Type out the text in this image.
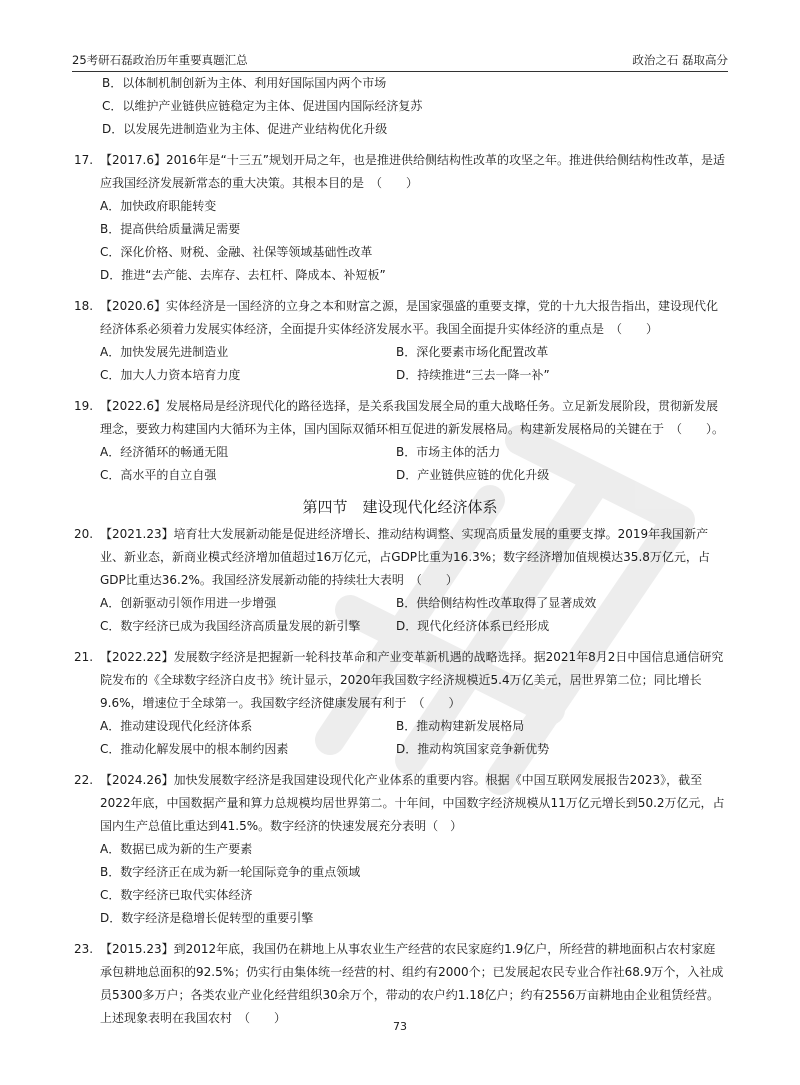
25考研石磊政治历年重要真题汇总	政治之石 磊取高分
B．以体制机制创新为主体、利用好国际国内两个市场
C．以维护产业链供应链稳定为主体、促进国内国际经济复苏
D．以发展先进制造业为主体、促进产业结构优化升级
17. 【2017.6】2016年是“十三五”规划开局之年，也是推进供给侧结构性改革的攻坚之年。推进供给侧结构性改革，是适应我国经济发展新常态的重大决策。其根本目的是　（　　）
A．加快政府职能转变
B．提高供给质量满足需要
C．深化价格、财税、金融、社保等领域基础性改革
D．推进“去产能、去库存、去杠杆、降成本、补短板”
18. 【2020.6】实体经济是一国经济的立身之本和财富之源，是国家强盛的重要支撑，党的十九大报告指出，建设现代化经济体系必须着力发展实体经济，全面提升实体经济发展水平。我国全面提升实体经济的重点是　（　　）
A．加快发展先进制造业	B．深化要素市场化配置改革
C．加大人力资本培育力度	D．持续推进“三去一降一补”
19. 【2022.6】发展格局是经济现代化的路径选择，是关系我国发展全局的重大战略任务。立足新发展阶段，贯彻新发展理念，要致力构建国内大循环为主体，国内国际双循环相互促进的新发展格局。构建新发展格局的关键在于　（　　）。
A．经济循环的畅通无阻	B．市场主体的活力
C．高水平的自立自强	D．产业链供应链的优化升级
第四节　建设现代化经济体系
20. 【2021.23】培育壮大发展新动能是促进经济增长、推动结构调整、实现高质量发展的重要支撑。2019年我国新产业、新业态，新商业模式经济增加值超过16万亿元，占GDP比重为16.3%；数字经济增加值规模达35.8万亿元，占GDP比重达36.2%。我国经济发展新动能的持续壮大表明　（　　）
A．创新驱动引领作用进一步增强	B．供给侧结构性改革取得了显著成效
C．数字经济已成为我国经济高质量发展的新引擎	D．现代化经济体系已经形成
21. 【2022.22】发展数字经济是把握新一轮科技革命和产业变革新机遇的战略选择。据2021年8月2日中国信息通信研究院发布的《全球数字经济白皮书》统计显示，2020年我国数字经济规模近5.4万亿美元，居世界第二位；同比增长9.6%，增速位于全球第一。我国数字经济健康发展有利于　（　　）
A．推动建设现代化经济体系	B．推动构建新发展格局
C．推动化解发展中的根本制约因素	D．推动构筑国家竞争新优势
22. 【2024.26】加快发展数字经济是我国建设现代化产业体系的重要内容。根据《中国互联网发展报告2023》，截至2022年底，中国数据产量和算力总规模均居世界第二。十年间，中国数字经济规模从11万亿元增长到50.2万亿元，占国内生产总值比重达到41.5%。数字经济的快速发展充分表明（　）
A．数据已成为新的生产要素
B．数字经济正在成为新一轮国际竞争的重点领域
C．数字经济已取代实体经济
D．数字经济是稳增长促转型的重要引擎
23. 【2015.23】到2012年底，我国仍在耕地上从事农业生产经营的农民家庭约1.9亿户，所经营的耕地面积占农村家庭承包耕地总面积的92.5%；仍实行由集体统一经营的村、组约有2000个；已发展起农民专业合作社68.9万个，入社成员5300多万户；各类农业产业化经营组织30余万个，带动的农户约1.18亿户；约有2556万亩耕地由企业租赁经营。上述现象表明在我国农村　（　　）
73
